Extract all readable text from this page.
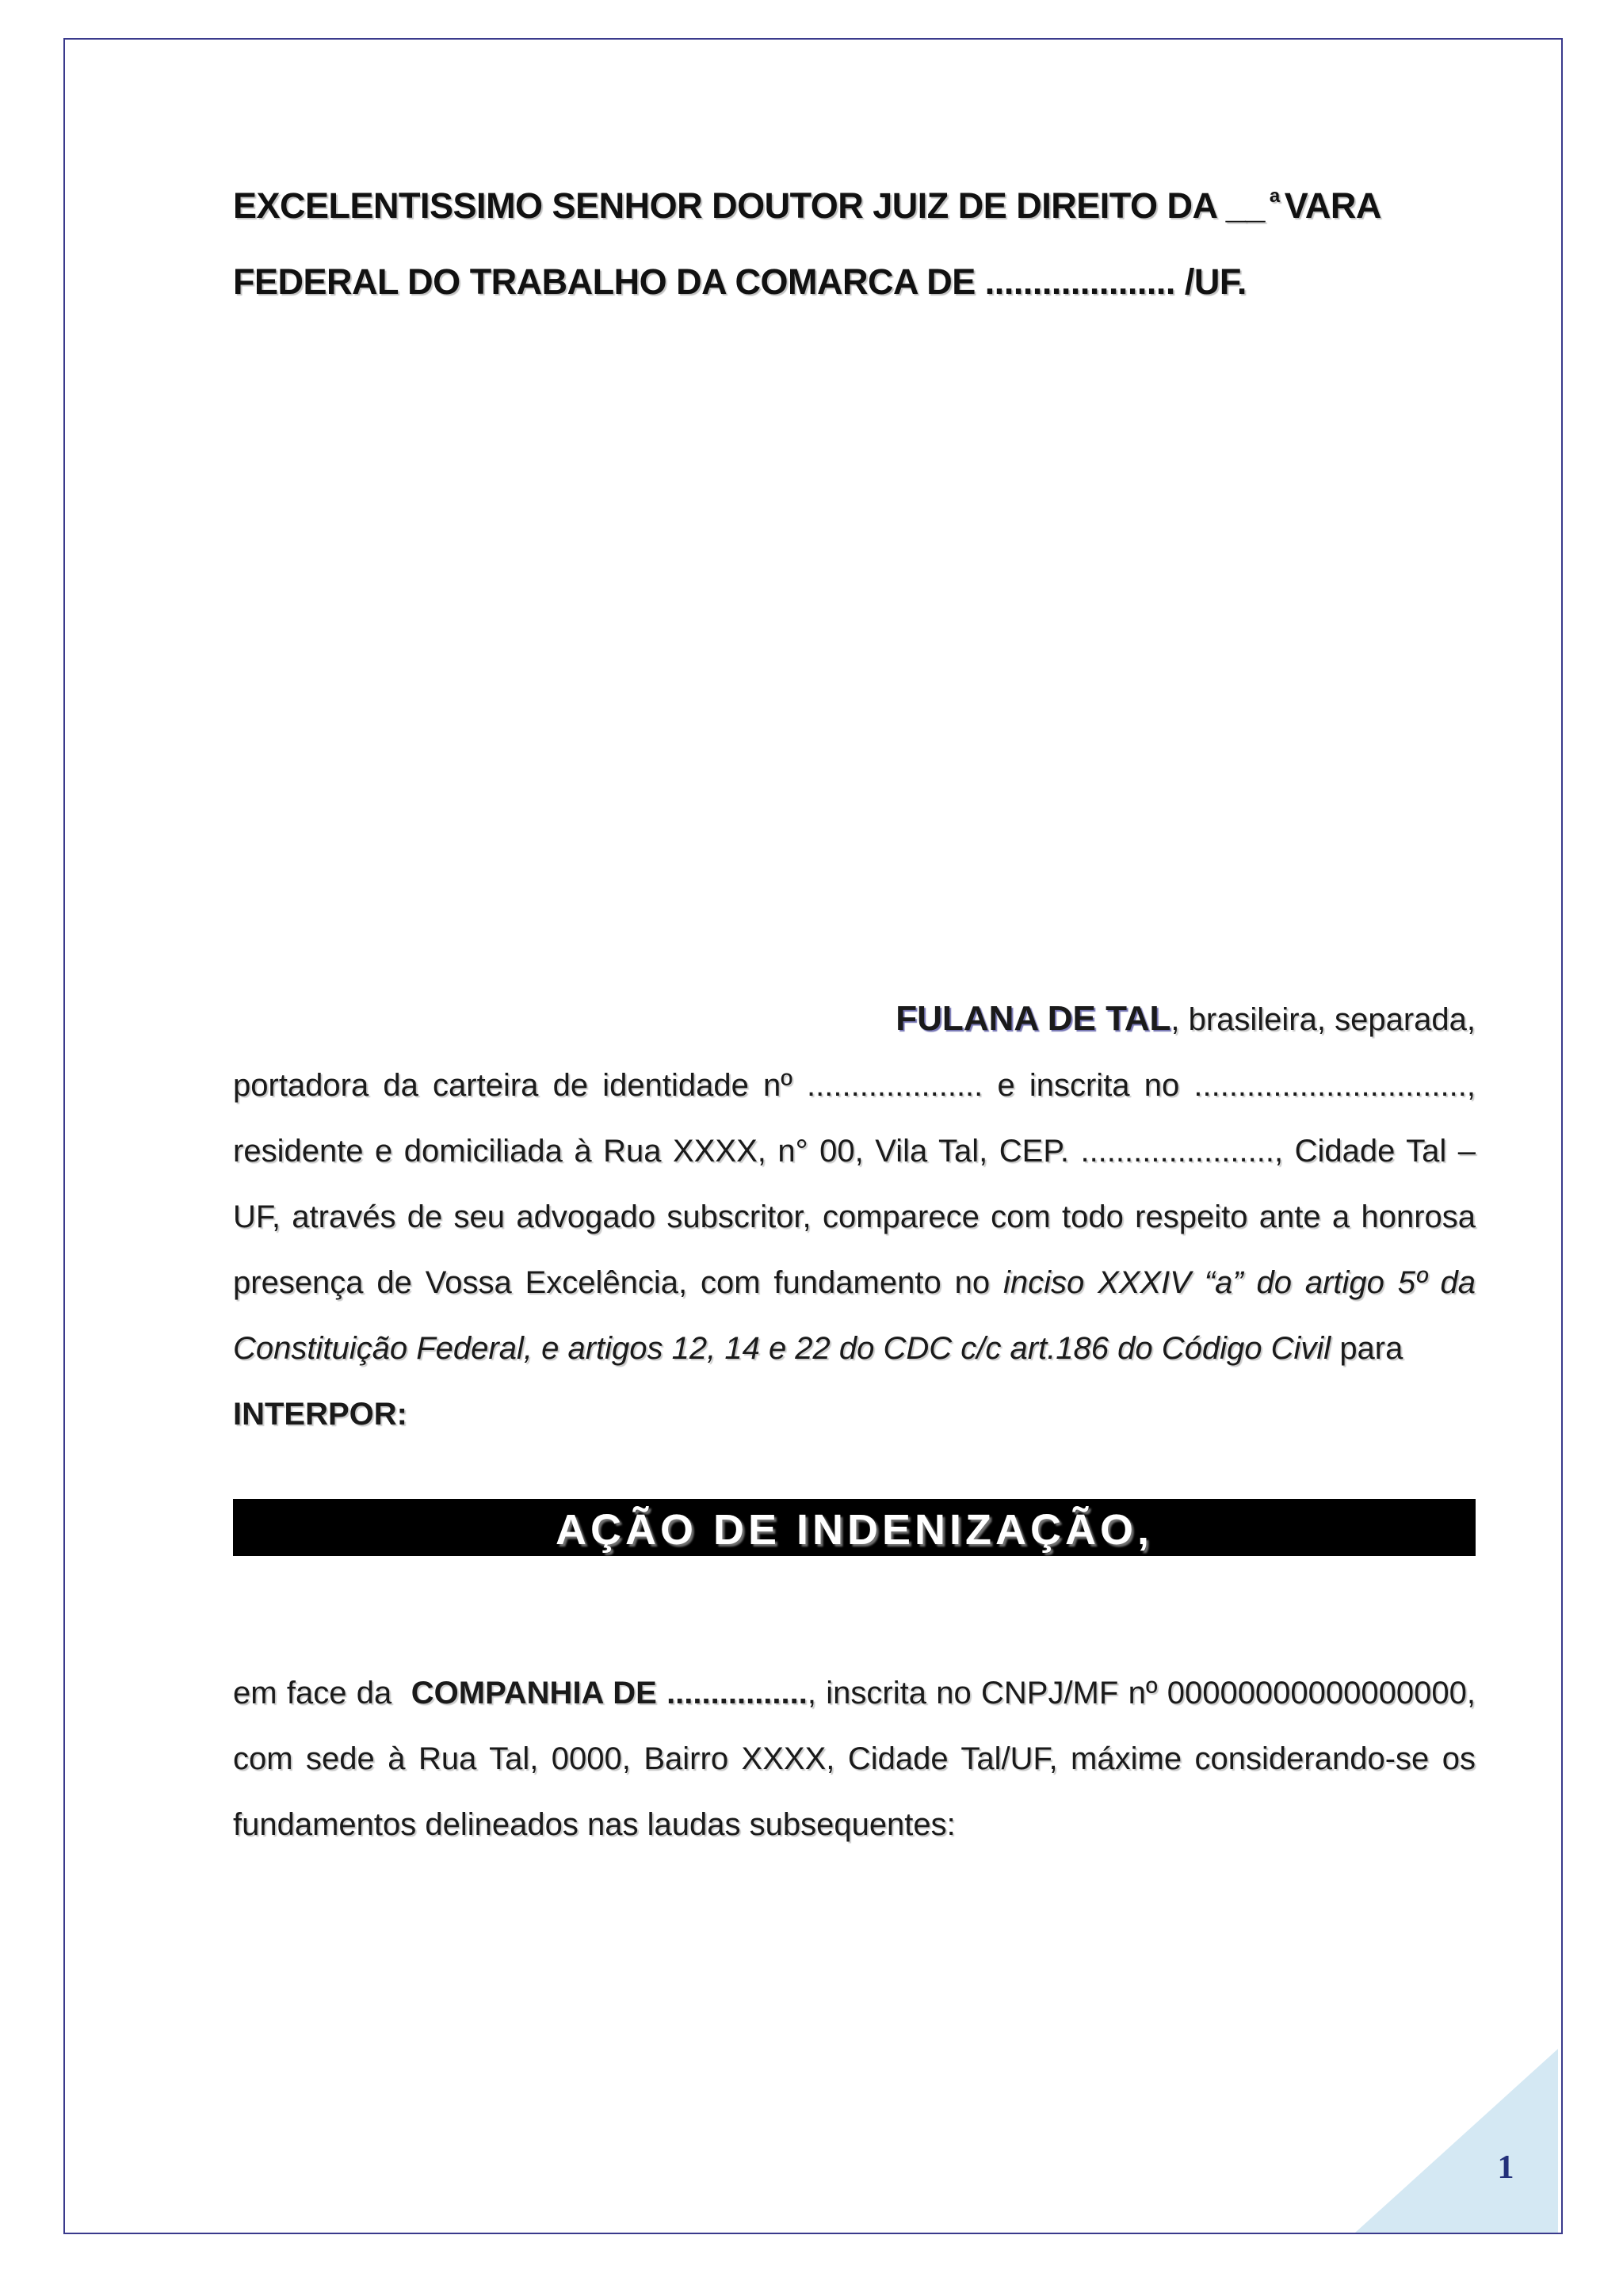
EXCELENTISSIMO SENHOR DOUTOR JUIZ DE DIREITO DA __ $^a$ VARA
FEDERAL DO TRABALHO DA COMARCA DE .................... /UF.
FULANA DE TAL, brasileira, separada,
portadora da carteira de identidade nº .................... e inscrita no ..............................., residente e domiciliada à Rua XXXX, n° 00, Vila Tal, CEP. ......................, Cidade Tal – UF, através de seu advogado subscritor, comparece com todo respeito ante a honrosa presença de Vossa Excelência, com fundamento no inciso XXXIV “a” do artigo 5º da Constituição Federal, e artigos 12, 14 e 22 do CDC c/c art.186 do Código Civil para
INTERPOR:
AÇÃO DE INDENIZAÇÃO,
em face da COMPANHIA DE ................, inscrita no CNPJ/MF nº 00000000000000000, com sede à Rua Tal, 0000, Bairro XXXX, Cidade Tal/UF, máxime considerando-se os fundamentos delineados nas laudas subsequentes:
1
